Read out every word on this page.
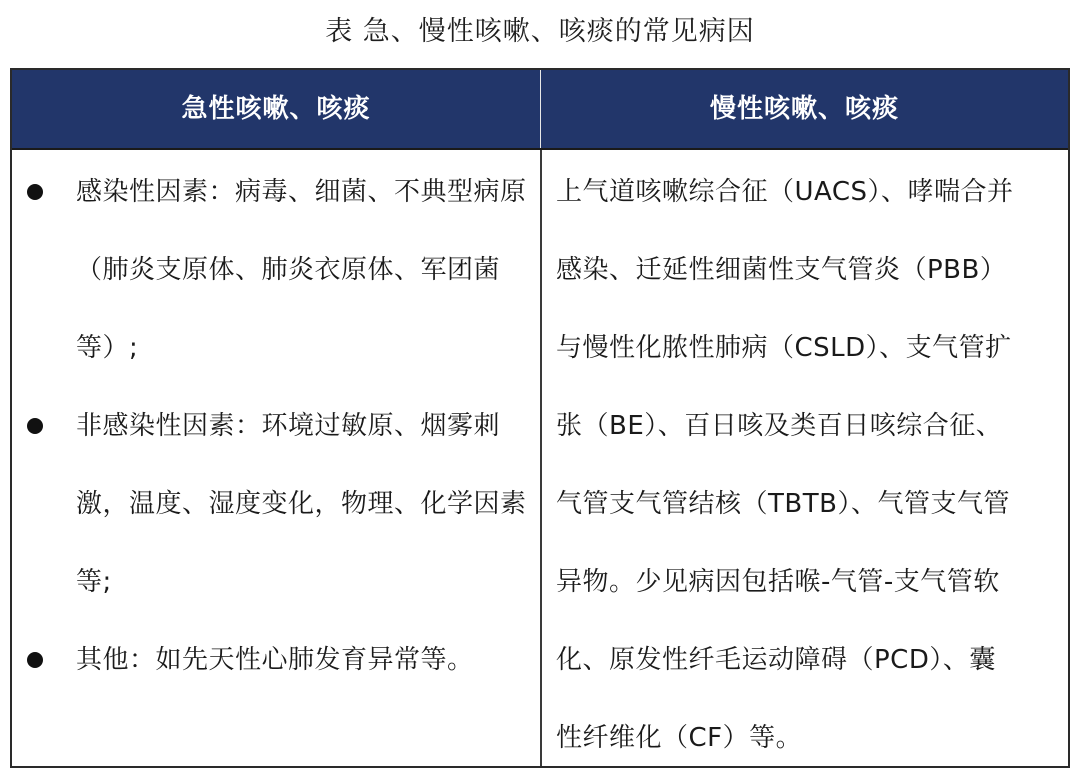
表 急、慢性咳嗽、咳痰的常见病因
急性咳嗽、咳痰	慢性咳嗽、咳痰
感染性因素：病毒、细菌、不典型病原（肺炎支原体、肺炎衣原体、军团菌等）;
非感染性因素：环境过敏原、烟雾刺激，温度、湿度变化，物理、化学因素等;
其他：如先天性心肺发育异常等。
上气道咳嗽综合征（UACS）、哮喘合并
感染、迁延性细菌性支气管炎（PBB）
与慢性化脓性肺病（CSLD）、支气管扩
张（BE）、百日咳及类百日咳综合征、
气管支气管结核（TBTB）、气管支气管
异物。少见病因包括喉-气管-支气管软
化、原发性纤毛运动障碍（PCD）、囊
性纤维化（CF）等。
